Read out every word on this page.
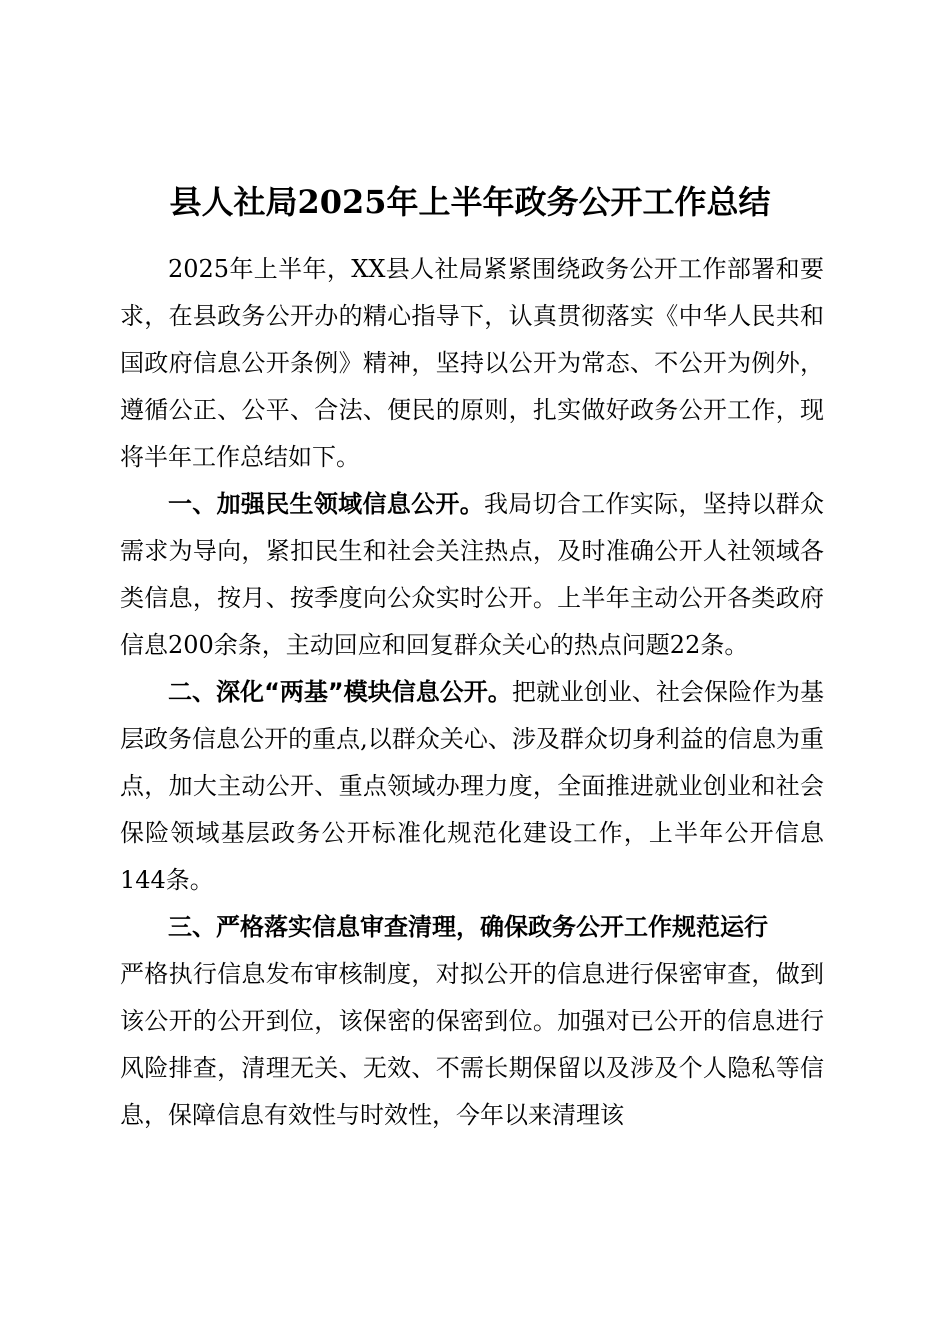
县人社局2025年上半年政务公开工作总结

2025年上半年，XX县人社局紧紧围绕政务公开工作部署和要求，在县政务公开办的精心指导下，认真贯彻落实《中华人民共和国政府信息公开条例》精神，坚持以公开为常态、不公开为例外，遵循公正、公平、合法、便民的原则，扎实做好政务公开工作，现将半年工作总结如下。

一、加强民生领域信息公开。我局切合工作实际，坚持以群众需求为导向，紧扣民生和社会关注热点，及时准确公开人社领域各类信息，按月、按季度向公众实时公开。上半年主动公开各类政府信息200余条，主动回应和回复群众关心的热点问题22条。

二、深化“两基”模块信息公开。把就业创业、社会保险作为基层政务信息公开的重点,以群众关心、涉及群众切身利益的信息为重点，加大主动公开、重点领域办理力度，全面推进就业创业和社会保险领域基层政务公开标准化规范化建设工作，上半年公开信息144条。

三、严格落实信息审查清理，确保政务公开工作规范运行

严格执行信息发布审核制度，对拟公开的信息进行保密审查，做到该公开的公开到位，该保密的保密到位。加强对已公开的信息进行风险排查，清理无关、无效、不需长期保留以及涉及个人隐私等信息，保障信息有效性与时效性，今年以来清理该
